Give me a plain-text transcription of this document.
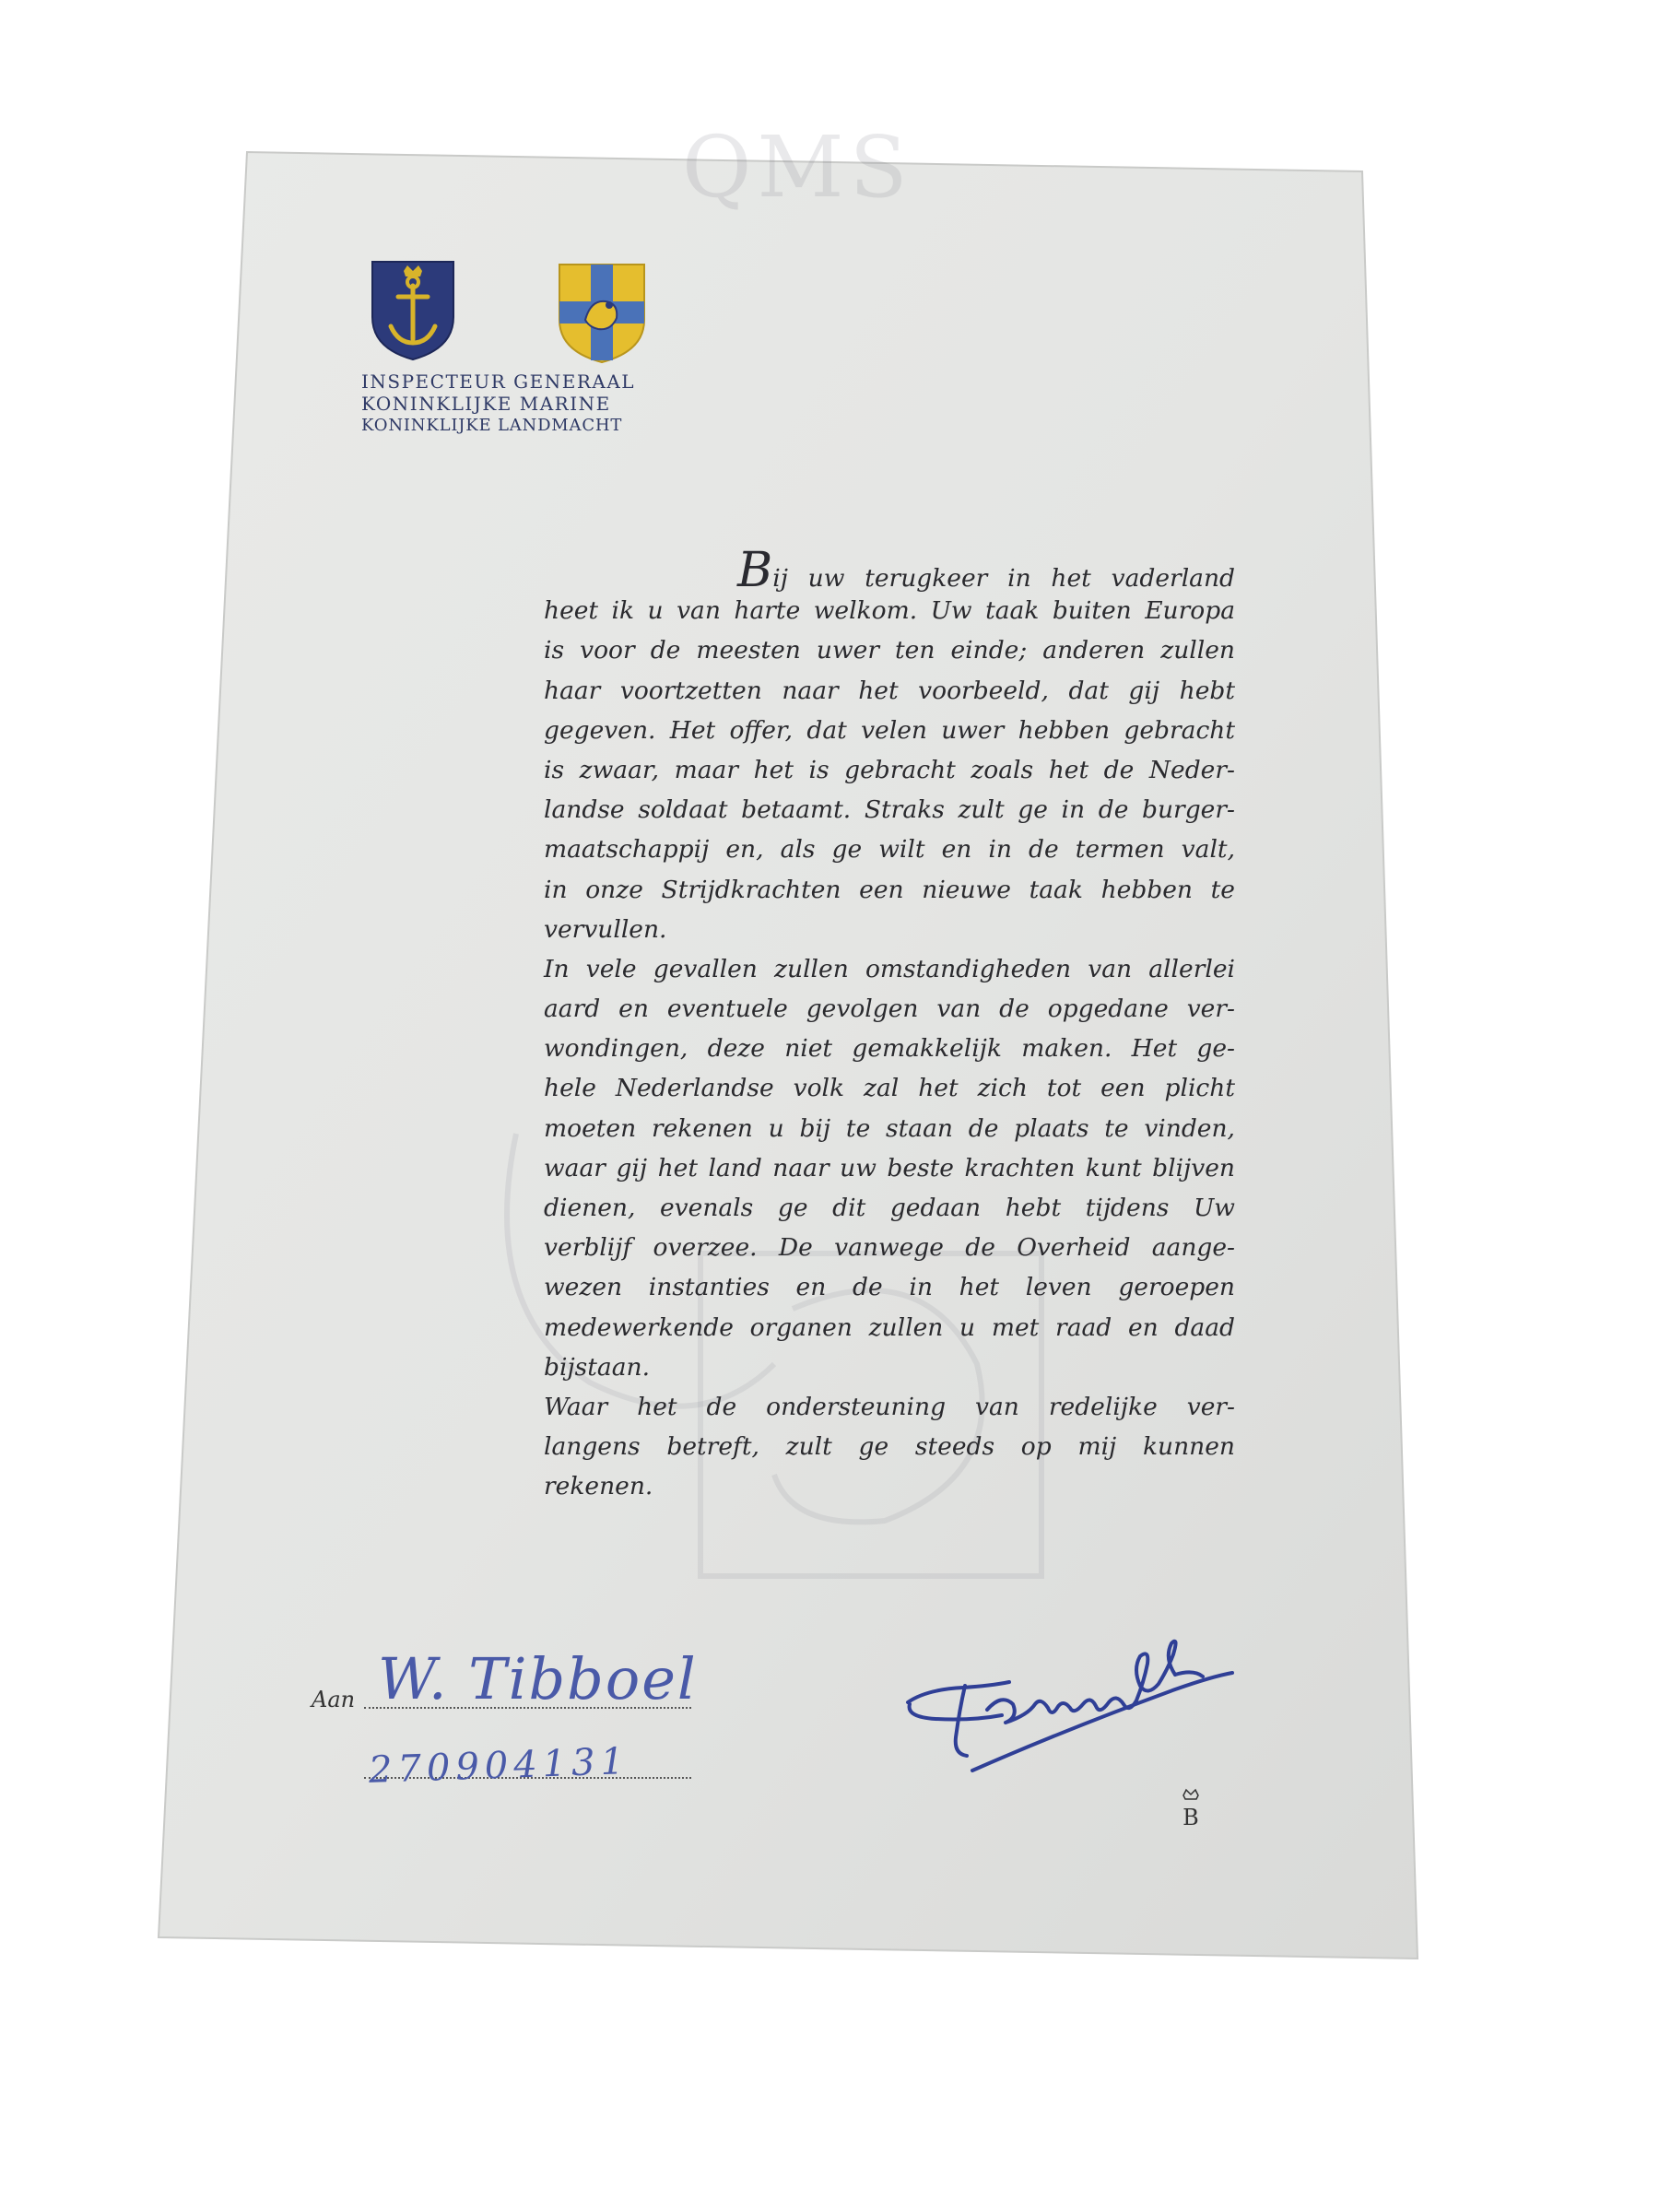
QMS
INSPECTEUR GENERAAL
KONINKLIJKE MARINE
KONINKLIJKE LANDMACHT
Bij uw terugkeer in het vaderland
heet ik u van harte welkom. Uw taak buiten Europa
is voor de meesten uwer ten einde; anderen zullen
haar voortzetten naar het voorbeeld, dat gij hebt
gegeven. Het offer, dat velen uwer hebben gebracht
is zwaar, maar het is gebracht zoals het de Neder-
landse soldaat betaamt. Straks zult ge in de burger-
maatschappij en, als ge wilt en in de termen valt,
in onze Strijdkrachten een nieuwe taak hebben te
vervullen.
In vele gevallen zullen omstandigheden van allerlei
aard en eventuele gevolgen van de opgedane ver-
wondingen, deze niet gemakkelijk maken. Het ge-
hele Nederlandse volk zal het zich tot een plicht
moeten rekenen u bij te staan de plaats te vinden,
waar gij het land naar uw beste krachten kunt blijven
dienen, evenals ge dit gedaan hebt tijdens Uw
verblijf overzee. De vanwege de Overheid aange-
wezen instanties en de in het leven geroepen
medewerkende organen zullen u met raad en daad
bijstaan.
Waar het de ondersteuning van redelijke ver-
langens betreft, zult ge steeds op mij kunnen
rekenen.
Aan W. Tibboel
270904131
B
